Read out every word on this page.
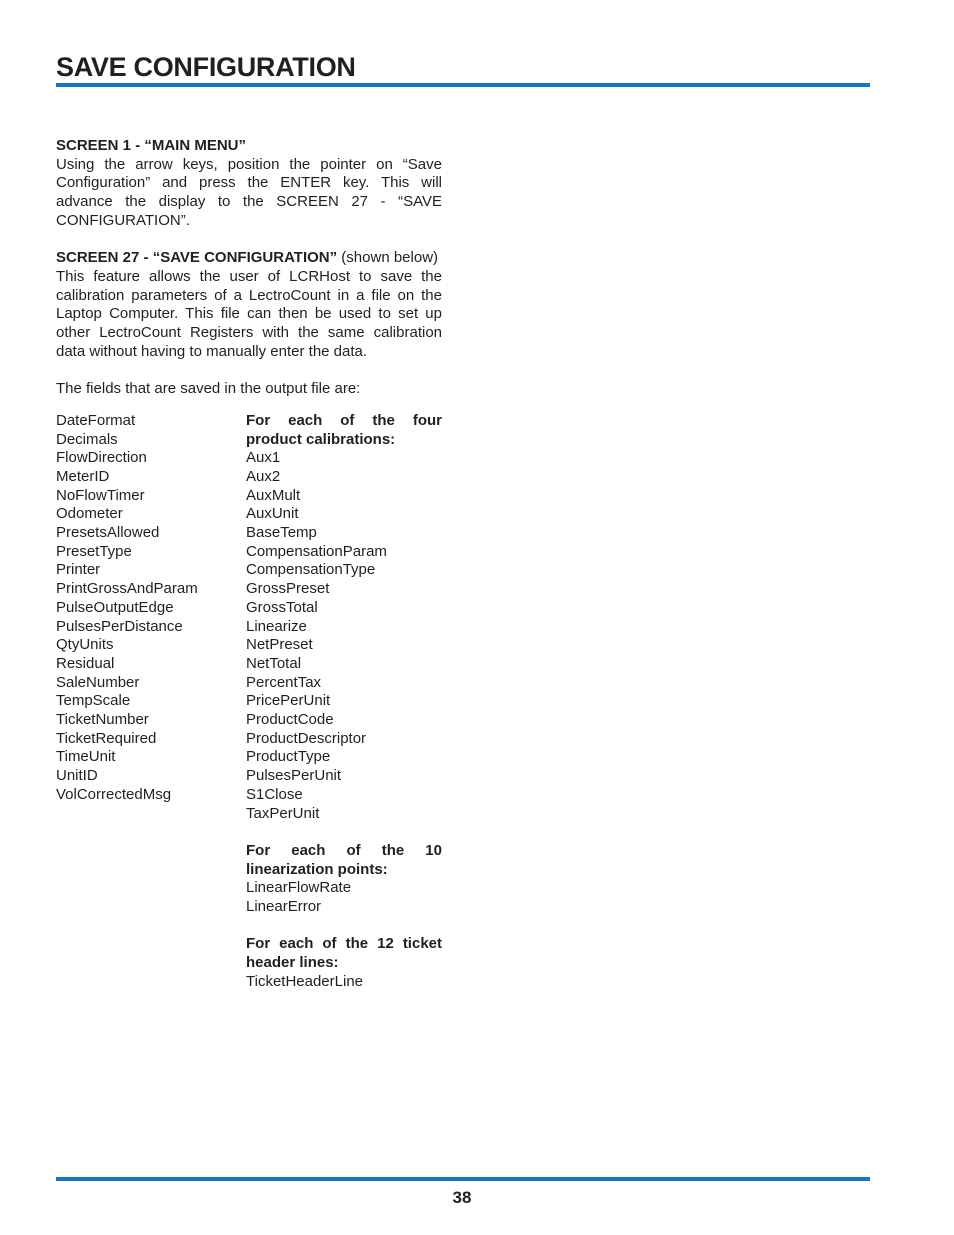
SAVE CONFIGURATION

SCREEN 1 - “MAIN MENU”
Using the arrow keys, position the pointer on “Save Configuration” and press the ENTER key. This will advance the display to the SCREEN 27 - “SAVE CONFIGURATION”.

SCREEN 27 - “SAVE CONFIGURATION” (shown below)
This feature allows the user of LCRHost to save the calibration parameters of a LectroCount in a file on the Laptop Computer. This file can then be used to set up other LectroCount Registers with the same calibration data without having to manually enter the data.

The fields that are saved in the output file are:

DateFormat
Decimals
FlowDirection
MeterID
NoFlowTimer
Odometer
PresetsAllowed
PresetType
Printer
PrintGrossAndParam
PulseOutputEdge
PulsesPerDistance
QtyUnits
Residual
SaleNumber
TempScale
TicketNumber
TicketRequired
TimeUnit
UnitID
VolCorrectedMsg
For each of the four product calibrations:
Aux1
Aux2
AuxMult
AuxUnit
BaseTemp
CompensationParam
CompensationType
GrossPreset
GrossTotal
Linearize
NetPreset
NetTotal
PercentTax
PricePerUnit
ProductCode
ProductDescriptor
ProductType
PulsesPerUnit
S1Close
TaxPerUnit
For each of the 10 linearization points:
LinearFlowRate
LinearError
For each of the 12 ticket header lines:
TicketHeaderLine
38
